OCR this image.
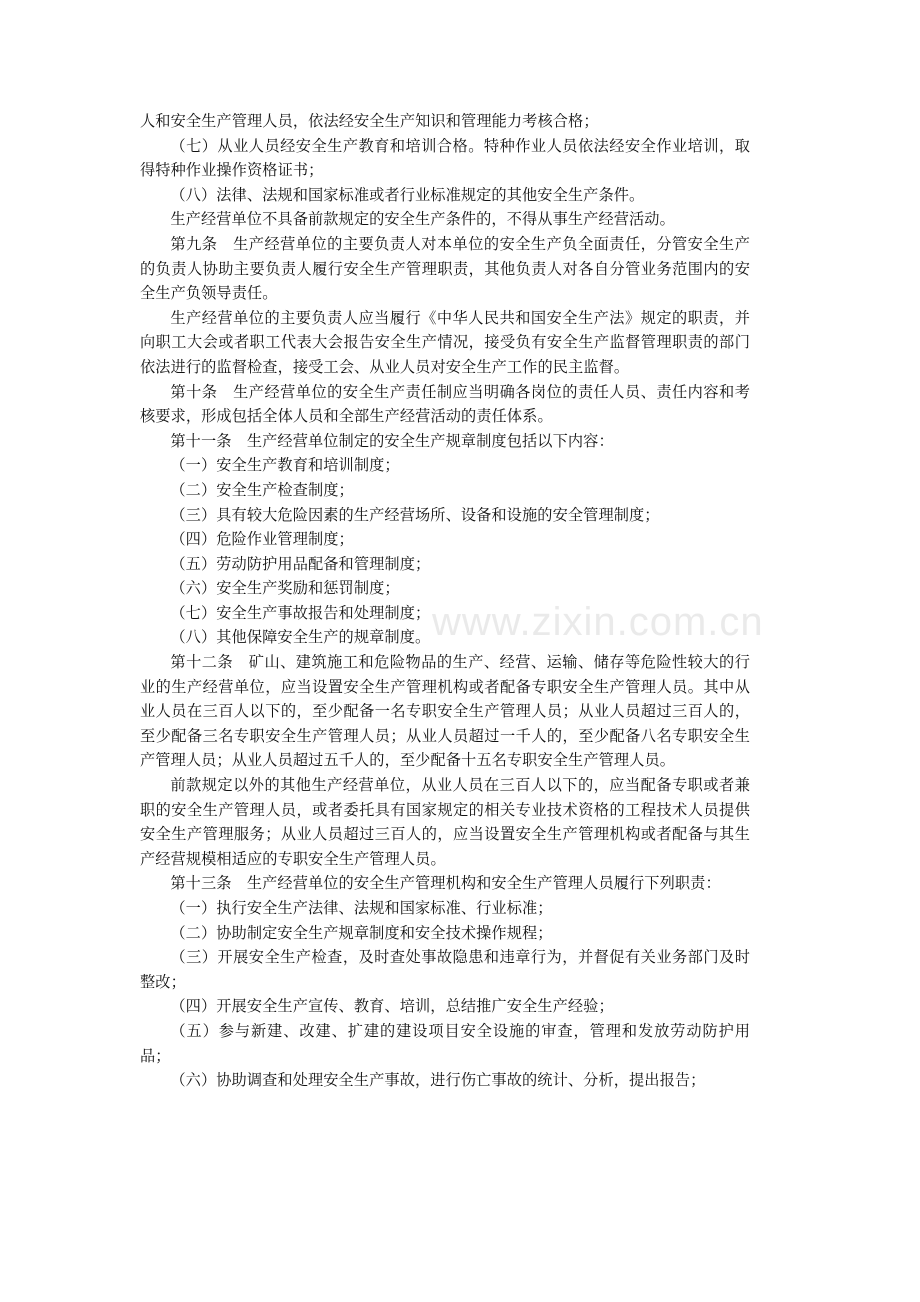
人和安全生产管理人员，依法经安全生产知识和管理能力考核合格；

（七）从业人员经安全生产教育和培训合格。特种作业人员依法经安全作业培训，取得特种作业操作资格证书；

（八）法律、法规和国家标准或者行业标准规定的其他安全生产条件。

生产经营单位不具备前款规定的安全生产条件的，不得从事生产经营活动。

第九条　生产经营单位的主要负责人对本单位的安全生产负全面责任，分管安全生产的负责人协助主要负责人履行安全生产管理职责，其他负责人对各自分管业务范围内的安全生产负领导责任。

生产经营单位的主要负责人应当履行《中华人民共和国安全生产法》规定的职责，并向职工大会或者职工代表大会报告安全生产情况，接受负有安全生产监督管理职责的部门依法进行的监督检查，接受工会、从业人员对安全生产工作的民主监督。

第十条　生产经营单位的安全生产责任制应当明确各岗位的责任人员、责任内容和考核要求，形成包括全体人员和全部生产经营活动的责任体系。

第十一条　生产经营单位制定的安全生产规章制度包括以下内容：

（一）安全生产教育和培训制度；

（二）安全生产检查制度；

（三）具有较大危险因素的生产经营场所、设备和设施的安全管理制度；

（四）危险作业管理制度；

（五）劳动防护用品配备和管理制度；

（六）安全生产奖励和惩罚制度；

（七）安全生产事故报告和处理制度；

（八）其他保障安全生产的规章制度。

第十二条　矿山、建筑施工和危险物品的生产、经营、运输、储存等危险性较大的行业的生产经营单位，应当设置安全生产管理机构或者配备专职安全生产管理人员。其中从业人员在三百人以下的，至少配备一名专职安全生产管理人员；从业人员超过三百人的，至少配备三名专职安全生产管理人员；从业人员超过一千人的，至少配备八名专职安全生产管理人员；从业人员超过五千人的，至少配备十五名专职安全生产管理人员。

前款规定以外的其他生产经营单位，从业人员在三百人以下的，应当配备专职或者兼职的安全生产管理人员，或者委托具有国家规定的相关专业技术资格的工程技术人员提供安全生产管理服务；从业人员超过三百人的，应当设置安全生产管理机构或者配备与其生产经营规模相适应的专职安全生产管理人员。

第十三条　生产经营单位的安全生产管理机构和安全生产管理人员履行下列职责：

（一）执行安全生产法律、法规和国家标准、行业标准；

（二）协助制定安全生产规章制度和安全技术操作规程；

（三）开展安全生产检查，及时查处事故隐患和违章行为，并督促有关业务部门及时整改；

（四）开展安全生产宣传、教育、培训，总结推广安全生产经验；

（五）参与新建、改建、扩建的建设项目安全设施的审查，管理和发放劳动防护用品；

（六）协助调查和处理安全生产事故，进行伤亡事故的统计、分析，提出报告；

www.zixin.com.cn
